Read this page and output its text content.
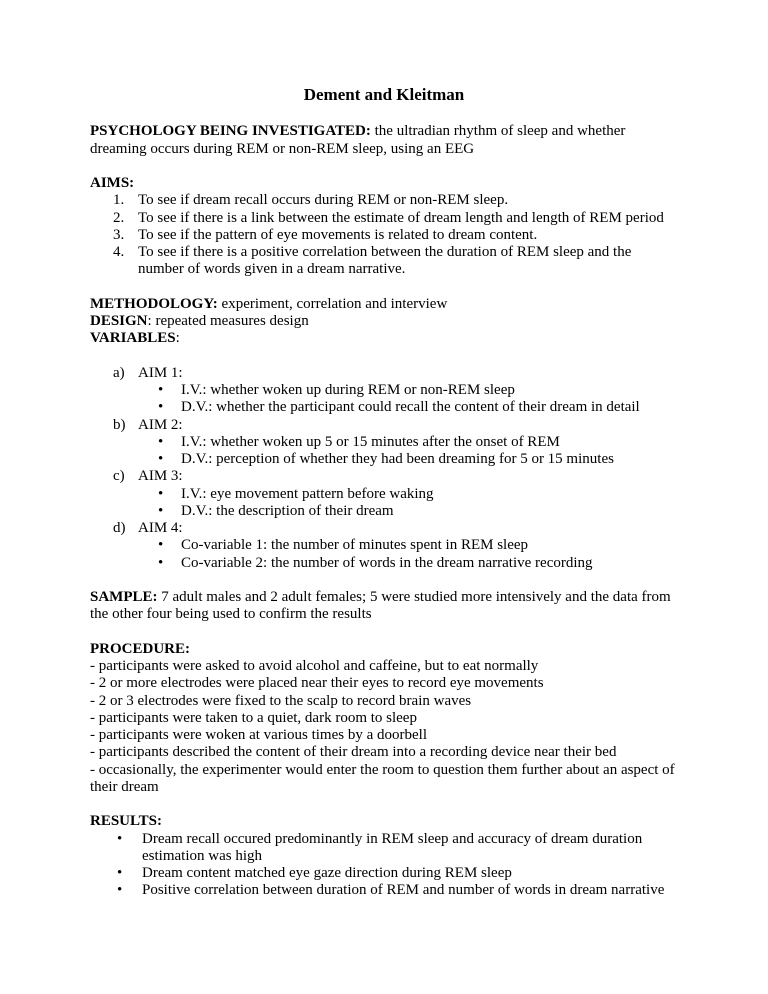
Dement and Kleitman

PSYCHOLOGY BEING INVESTIGATED: the ultradian rhythm of sleep and whether dreaming occurs during REM or non-REM sleep, using an EEG

AIMS:

1. To see if dream recall occurs during REM or non-REM sleep.
2. To see if there is a link between the estimate of dream length and length of REM period
3. To see if the pattern of eye movements is related to dream content.
4. To see if there is a positive correlation between the duration of REM sleep and the number of words given in a dream narrative.

METHODOLOGY: experiment, correlation and interview

DESIGN: repeated measures design

VARIABLES:

a) AIM 1:
• I.V.: whether woken up during REM or non-REM sleep
• D.V.: whether the participant could recall the content of their dream in detail
b) AIM 2:
• I.V.: whether woken up 5 or 15 minutes after the onset of REM
• D.V.: perception of whether they had been dreaming for 5 or 15 minutes
c) AIM 3:
• I.V.: eye movement pattern before waking
• D.V.: the description of their dream
d) AIM 4:
• Co-variable 1: the number of minutes spent in REM sleep
• Co-variable 2: the number of words in the dream narrative recording

SAMPLE: 7 adult males and 2 adult females; 5 were studied more intensively and the data from the other four being used to confirm the results

PROCEDURE:

- participants were asked to avoid alcohol and caffeine, but to eat normally

- 2 or more electrodes were placed near their eyes to record eye movements

- 2 or 3 electrodes were fixed to the scalp to record brain waves

- participants were taken to a quiet, dark room to sleep

- participants were woken at various times by a doorbell

- participants described the content of their dream into a recording device near their bed

- occasionally, the experimenter would enter the room to question them further about an aspect of their dream

RESULTS:

• Dream recall occured predominantly in REM sleep and accuracy of dream duration estimation was high
• Dream content matched eye gaze direction during REM sleep
• Positive correlation between duration of REM and number of words in dream narrative
